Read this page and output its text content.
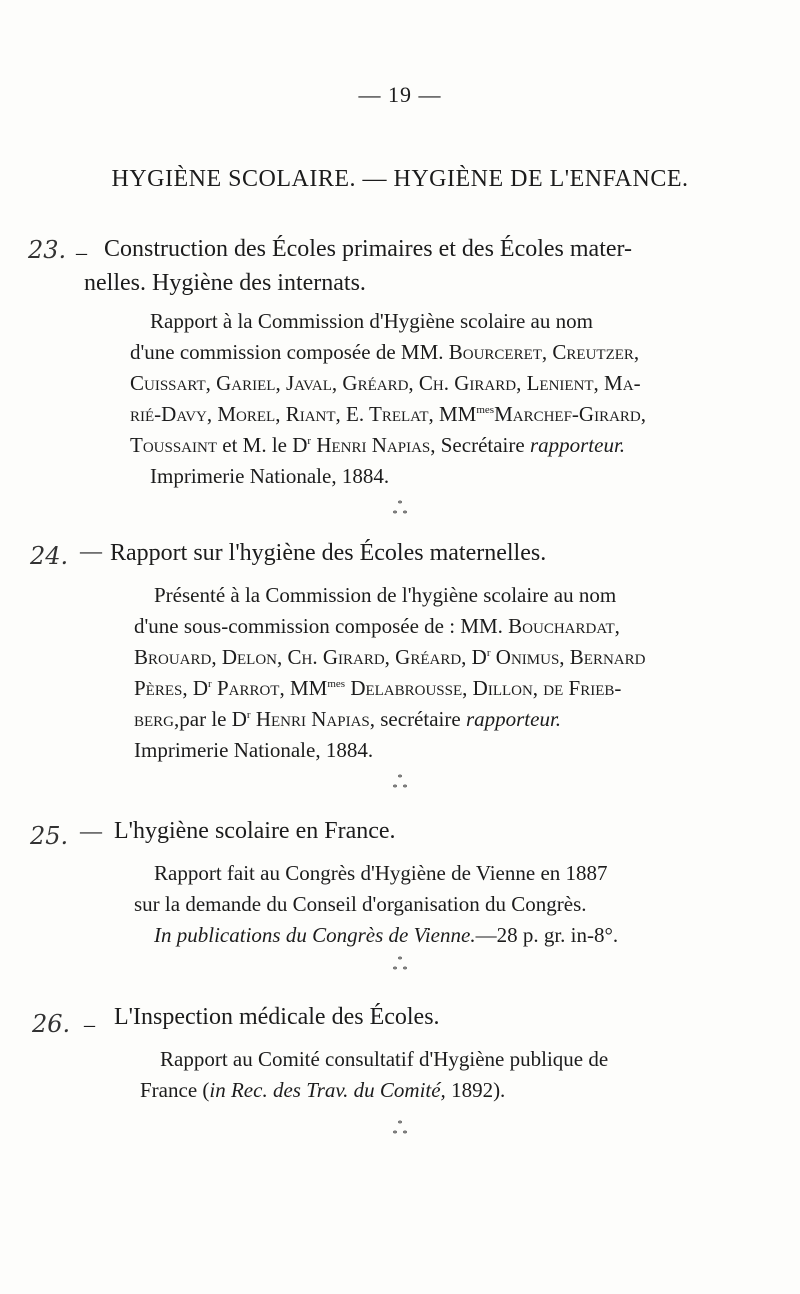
— 19 —
HYGIÈNE SCOLAIRE. — HYGIÈNE DE L'ENFANCE.
23. _ Construction des Écoles primaires et des Écoles mater-
nelles. Hygiène des internats.
Rapport à la Commission d'Hygiène scolaire au nom
d'une commission composée de MM. Bourceret, Creutzer,
Cuissart, Gariel, Javal, Gréard, Ch. Girard, Lenient, Ma-
rié-Davy, Morel, Riant, E. Trelat, $MM^{mes}Marchef$-Girard,
Toussaint et M. le $D^r$ Henri Napias, Secrétaire rapporteur.
Imprimerie Nationale, 1884.
*
* *
24. — Rapport sur l'hygiène des Écoles maternelles.
Présenté à la Commission de l'hygiène scolaire au nom
d'une sous-commission composée de : MM. Bouchardat,
Brouard, Delon, Ch. Girard, Gréard, $D^r$ Onimus, Bernard
Pères, $D^r$ Parrot, $MM^{mes}$ Delabrousse, Dillon, de Frieb-
berg,par le $D^r$ Henri Napias, secrétaire rapporteur.
Imprimerie Nationale, 1884.
*
* *
25. — L'hygiène scolaire en France.
Rapport fait au Congrès d'Hygiène de Vienne en 1887
sur la demande du Conseil d'organisation du Congrès.
In publications du Congrès de Vienne.—28 p. gr. in-8°.
*
* *
26. _ L'Inspection médicale des Écoles.
Rapport au Comité consultatif d'Hygiène publique de
France (in Rec. des Trav. du Comité, 1892).
*
* *
